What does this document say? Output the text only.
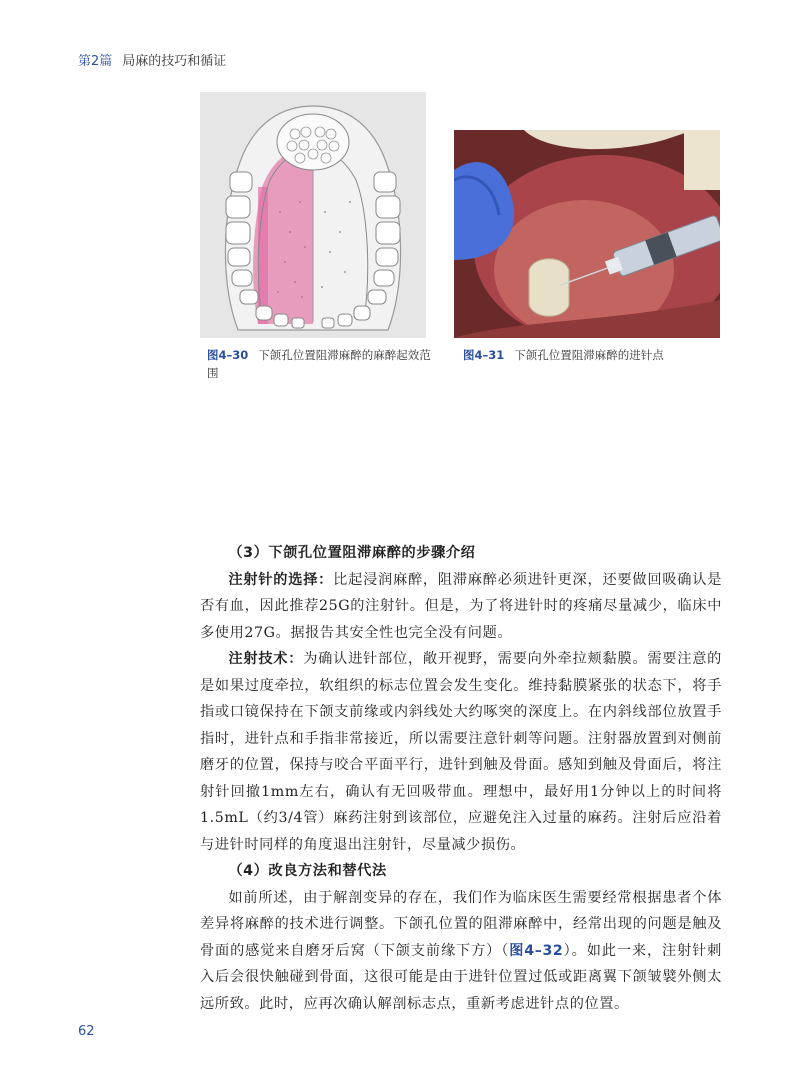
第2篇 局麻的技巧和循证
图4–30 下颌孔位置阻滞麻醉的麻醉起效范围
图4–31 下颌孔位置阻滞麻醉的进针点
（3）下颌孔位置阻滞麻醉的步骤介绍

注射针的选择：比起浸润麻醉，阻滞麻醉必须进针更深，还要做回吸确认是否有血，因此推荐25G的注射针。但是，为了将进针时的疼痛尽量减少，临床中多使用27G。据报告其安全性也完全没有问题。

注射技术：为确认进针部位，敞开视野，需要向外牵拉颊黏膜。需要注意的是如果过度牵拉，软组织的标志位置会发生变化。维持黏膜紧张的状态下，将手指或口镜保持在下颌支前缘或内斜线处大约啄突的深度上。在内斜线部位放置手指时，进针点和手指非常接近，所以需要注意针刺等问题。注射器放置到对侧前磨牙的位置，保持与咬合平面平行，进针到触及骨面。感知到触及骨面后，将注射针回撤1mm左右，确认有无回吸带血。理想中，最好用1分钟以上的时间将1.5mL（约3/4管）麻药注射到该部位，应避免注入过量的麻药。注射后应沿着与进针时同样的角度退出注射针，尽量减少损伤。

（4）改良方法和替代法

如前所述，由于解剖变异的存在，我们作为临床医生需要经常根据患者个体差异将麻醉的技术进行调整。下颌孔位置的阻滞麻醉中，经常出现的问题是触及骨面的感觉来自磨牙后窝（下颌支前缘下方）（图4–32）。如此一来，注射针刺入后会很快触碰到骨面，这很可能是由于进针位置过低或距离翼下颌皱襞外侧太远所致。此时，应再次确认解剖标志点，重新考虑进针点的位置。

62
